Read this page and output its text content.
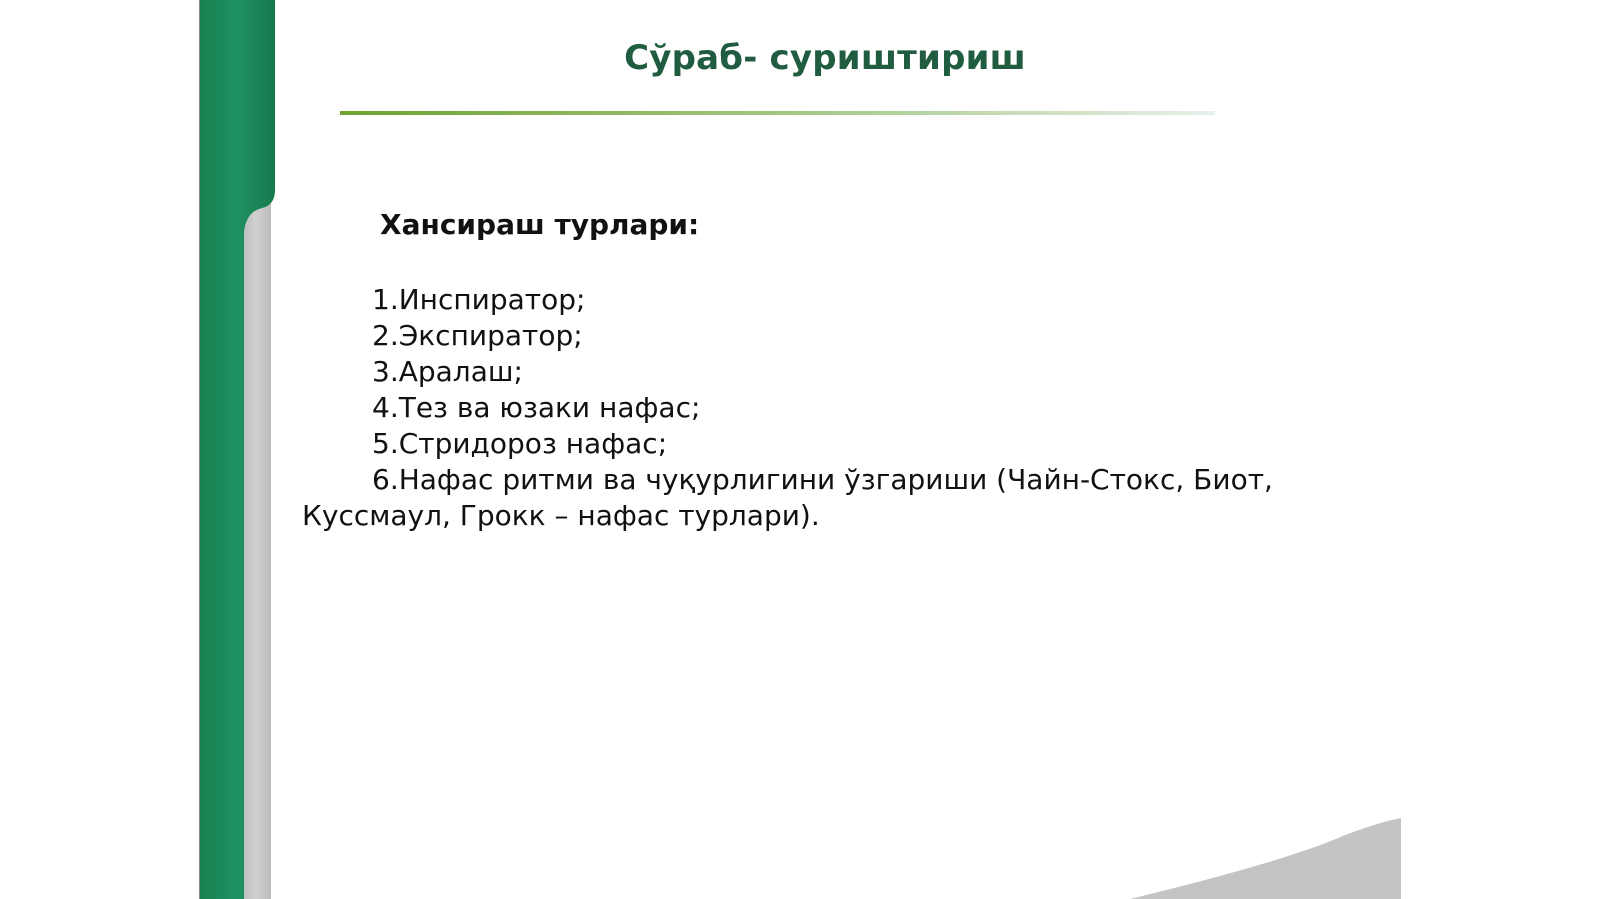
Сўраб- суриштириш
Хансираш турлари:
1.Инспиратор;
2.Экспиратор;
3.Аралаш;
4.Тез ва юзаки нафас;
5.Стридороз нафас;
6.Нафас ритми ва чуқурлигини ўзгариши (Чайн-Стокс, Биот,
Куссмаул, Грокк – нафас турлари).
